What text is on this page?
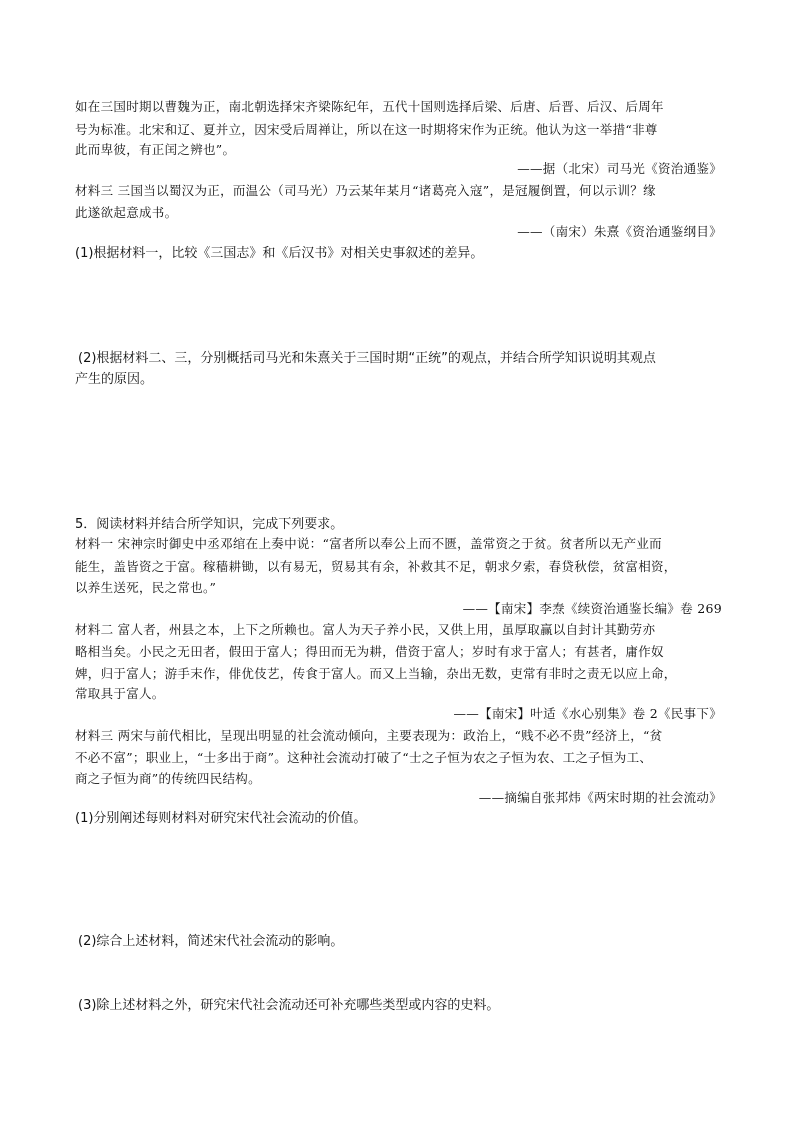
如在三国时期以曹魏为正，南北朝选择宋齐梁陈纪年，五代十国则选择后梁、后唐、后晋、后汉、后周年
号为标准。北宋和辽、夏并立，因宋受后周禅让，所以在这一时期将宋作为正统。他认为这一举措“非尊
此而卑彼，有正闰之辨也”。
——据（北宋）司马光《资治通鉴》
材料三 三国当以蜀汉为正，而温公（司马光）乃云某年某月“诸葛亮入寇”，是冠履倒置，何以示训？缘
此遂欲起意成书。
——（南宋）朱熹《资治通鉴纲目》
(1)根据材料一，比较《三国志》和《后汉书》对相关史事叙述的差异。
(2)根据材料二、三，分别概括司马光和朱熹关于三国时期“正统”的观点，并结合所学知识说明其观点
产生的原因。
5．阅读材料并结合所学知识，完成下列要求。
材料一 宋神宗时御史中丞邓绾在上奏中说：“富者所以奉公上而不匮，盖常资之于贫。贫者所以无产业而
能生，盖皆资之于富。稼穑耕锄，以有易无，贸易其有余，补救其不足，朝求夕索，春贷秋偿，贫富相资，
以养生送死，民之常也。”
——【南宋】李焘《续资治通鉴长编》卷 269
材料二 富人者，州县之本，上下之所赖也。富人为天子养小民，又供上用，虽厚取赢以自封计其勤劳亦
略相当矣。小民之无田者，假田于富人；得田而无为耕，借资于富人；岁时有求于富人；有甚者，庸作奴
婢，归于富人；游手末作，俳优伎艺，传食于富人。而又上当输，杂出无数，吏常有非时之责无以应上命，
常取具于富人。
——【南宋】叶适《水心别集》卷 2《民事下》
材料三 两宋与前代相比，呈现出明显的社会流动倾向，主要表现为：政治上，“贱不必不贵”经济上，“贫
不必不富”；职业上，“士多出于商”。这种社会流动打破了“士之子恒为农之子恒为农、工之子恒为工、
商之子恒为商”的传统四民结构。
——摘编自张邦炜《两宋时期的社会流动》
(1)分别阐述每则材料对研究宋代社会流动的价值。
(2)综合上述材料，简述宋代社会流动的影响。
(3)除上述材料之外，研究宋代社会流动还可补充哪些类型或内容的史料。
